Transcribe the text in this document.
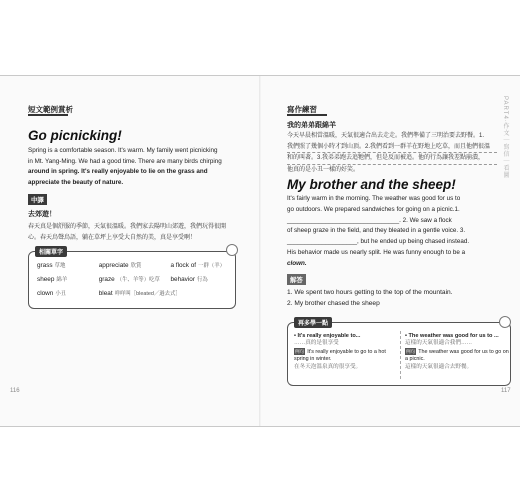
短文範例賞析
Go picnicking!
Spring is a comfortable season. It's warm. My family went picnicking
in Mt. Yang-Ming. We had a good time. There are many birds chirping
around in spring. It's really enjoyable to lie on the grass and
appreciate the beauty of nature.
中譯
去郊遊！
春天真是個舒服的季節，天氣很溫暖。我們家去陽明山郊遊，我們玩得很開
心。春天鳥聲鳥語，躺在草坪上享受大自然的美，真是享受啊！
相關單字
grass 草地	appreciate 欣賞	a flock of 一群（羊）
sheep 綿羊	graze （牛、羊等）吃草 behavior 行為
clown 小丑	bleat 咩咩叫［bleated／過去式］
116
PART4·作文｜寫信｜看圖
寫作練習
我的弟弟跟綿羊
今天早晨相當溫暖，天氣很適合出去走走。我們準備了三明治要去野餐。1.
我們照了幾個小時才到山頂。2.我們看到一群羊在野地上吃草，而且他們很溫
和的叫著。3.我弟弟跑去追牠們，但是反而被追。他的行為讓我差點崩潰，
他真的是小丑一樣的好笑。
My brother and the sheep!
It's fairly warm in the morning. The weather was good for us to
go outdoors. We prepared sandwiches for going on a picnic.1.
________________________________. 2. We saw a flock
of sheep graze in the field, and they bleated in a gentle voice. 3.
____________________, but he ended up being chased instead.
His behavior made us nearly split. He was funny enough to be a
clown.
解答
1. We spent two hours getting to the top of the mountain.
2. My brother chased the sheep
再多學一點
• It's really enjoyable to...
……真的是很享受
例句 It's really enjoyable to go to a hot spring in winter.
在冬天泡溫泉真的很享受。
• The weather was good for us to ...
這樣的天氣很適合我們……
例句 The weather was good for us to go on a picnic.
這樣的天氣很適合去野餐。
117
